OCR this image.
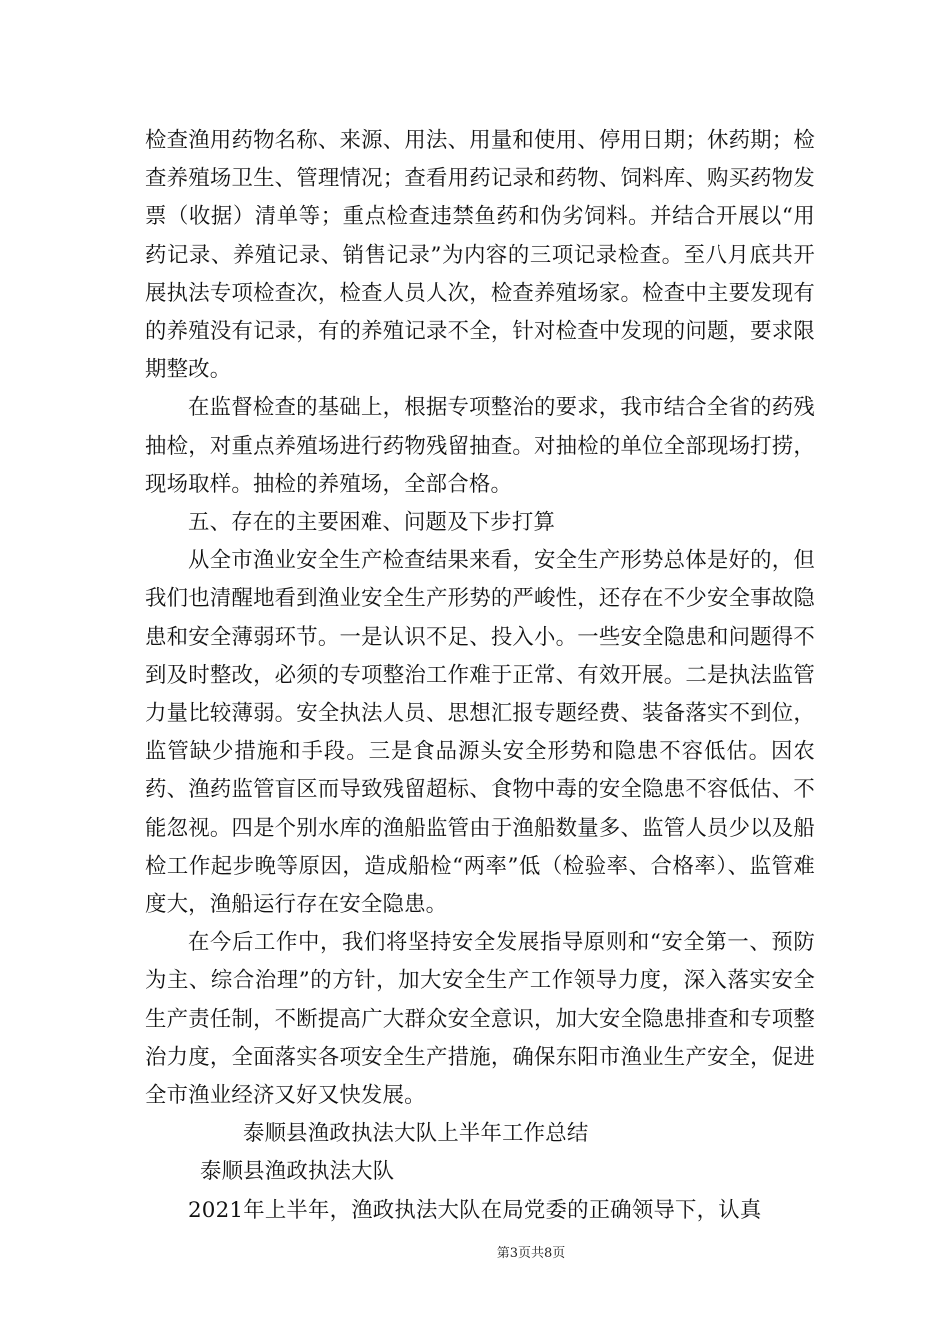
检查渔用药物名称、来源、用法、用量和使用、停用日期；休药期；检查养殖场卫生、管理情况；查看用药记录和药物、饲料库、购买药物发票（收据）清单等；重点检查违禁鱼药和伪劣饲料。并结合开展以“用药记录、养殖记录、销售记录”为内容的三项记录检查。至八月底共开展执法专项检查次，检查人员人次，检查养殖场家。检查中主要发现有的养殖没有记录，有的养殖记录不全，针对检查中发现的问题，要求限期整改。

在监督检查的基础上，根据专项整治的要求，我市结合全省的药残抽检，对重点养殖场进行药物残留抽查。对抽检的单位全部现场打捞，现场取样。抽检的养殖场，全部合格。

五、存在的主要困难、问题及下步打算

从全市渔业安全生产检查结果来看，安全生产形势总体是好的，但我们也清醒地看到渔业安全生产形势的严峻性，还存在不少安全事故隐患和安全薄弱环节。一是认识不足、投入小。一些安全隐患和问题得不到及时整改，必须的专项整治工作难于正常、有效开展。二是执法监管力量比较薄弱。安全执法人员、思想汇报专题经费、装备落实不到位，监管缺少措施和手段。三是食品源头安全形势和隐患不容低估。因农药、渔药监管盲区而导致残留超标、食物中毒的安全隐患不容低估、不能忽视。四是个别水库的渔船监管由于渔船数量多、监管人员少以及船检工作起步晚等原因，造成船检“两率”低（检验率、合格率）、监管难度大，渔船运行存在安全隐患。

在今后工作中，我们将坚持安全发展指导原则和“安全第一、预防为主、综合治理”的方针，加大安全生产工作领导力度，深入落实安全生产责任制，不断提高广大群众安全意识，加大安全隐患排查和专项整治力度，全面落实各项安全生产措施，确保东阳市渔业生产安全，促进全市渔业经济又好又快发展。

泰顺县渔政执法大队上半年工作总结

泰顺县渔政执法大队

2021年上半年，渔政执法大队在局党委的正确领导下，认真

第3页共8页
